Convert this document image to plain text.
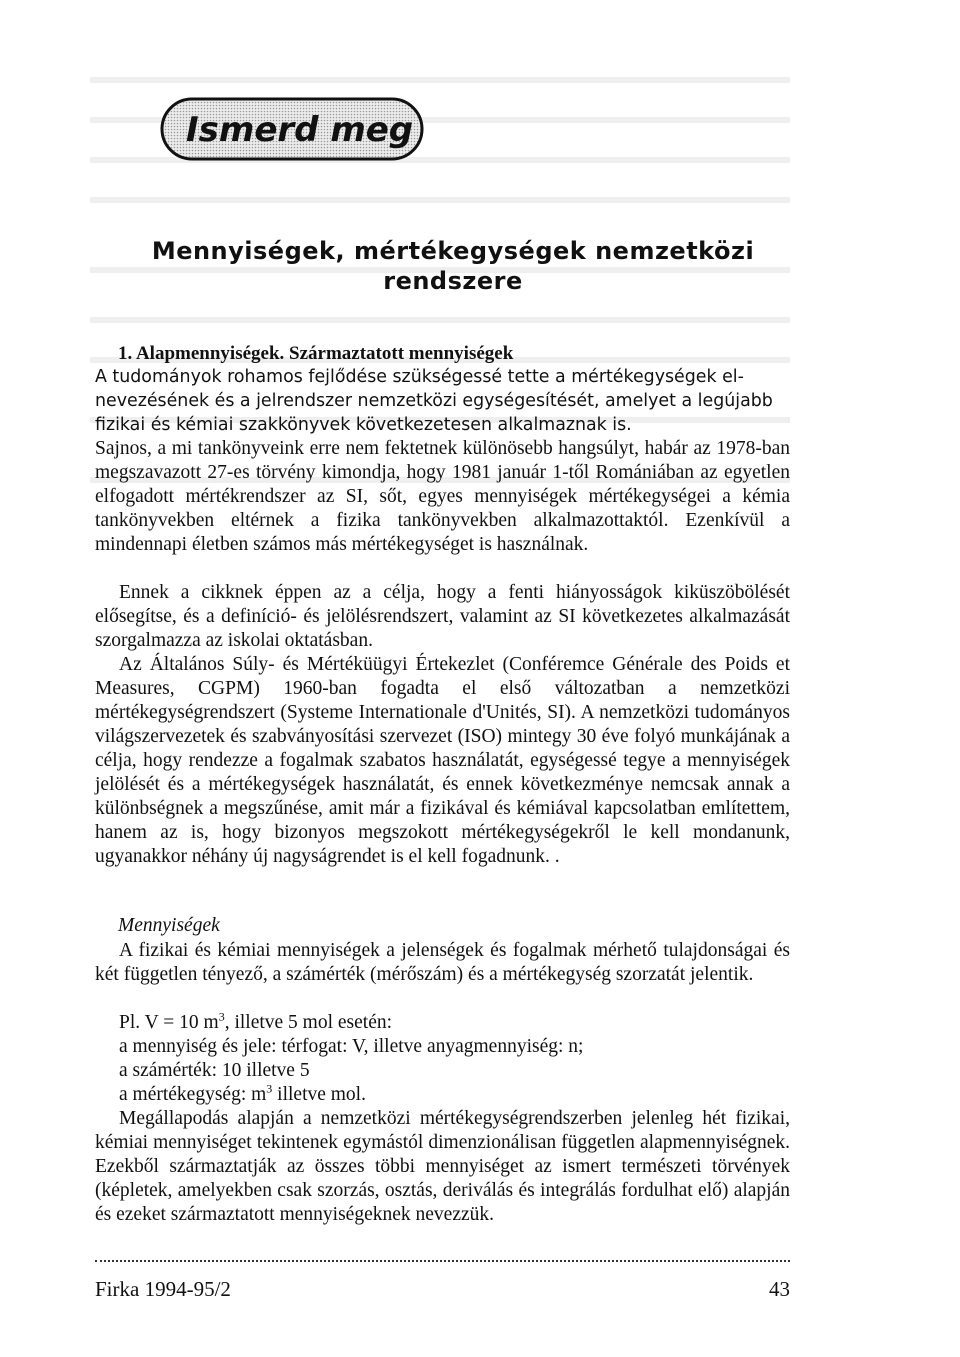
Ismerd meg
Mennyiségek, mértékegységek nemzetközi
rendszere
1. Alapmennyiségek. Származtatott mennyiségek
A tudományok rohamos fejlődése szükségessé tette a mértékegységek el-
nevezésének és a jelrendszer nemzetközi egységesítését, amelyet a legújabb
fizikai és kémiai szakkönyvek következetesen alkalmaznak is.

Sajnos, a mi tankönyveink erre nem fektetnek különösebb hangsúlyt, habár az 1978-ban megszavazott 27-es törvény kimondja, hogy 1981 január 1-től Romániában az egyetlen elfogadott mértékrendszer az SI, sőt, egyes mennyiségek mértékegységei a kémia tankönyvekben eltérnek a fizika tankönyvekben alkalmazottaktól. Ezenkívül a mindennapi életben számos más mértékegységet is használnak.

Ennek a cikknek éppen az a célja, hogy a fenti hiányosságok kiküszöbölését elősegítse, és a definíció- és jelölésrendszert, valamint az SI következetes alkalmazását szorgalmazza az iskolai oktatásban.

Az Általános Súly- és Mértéküügyi Értekezlet (Conféremce Générale des Poids et Measures, CGPM) 1960-ban fogadta el első változatban a nemzetközi mértékegységrendszert (Systeme Internationale d'Unités, SI). A nemzetközi tudományos világszervezetek és szabványosítási szervezet (ISO) mintegy 30 éve folyó munkájának a célja, hogy rendezze a fogalmak szabatos használatát, egységessé tegye a mennyiségek jelölését és a mértékegységek használatát, és ennek következménye nemcsak annak a különbségnek a megszűnése, amit már a fizikával és kémiával kapcsolatban említettem, hanem az is, hogy bizonyos megszokott mértékegységekről le kell mondanunk, ugyanakkor néhány új nagyságrendet is el kell fogadnunk. .

Mennyiségek

A fizikai és kémiai mennyiségek a jelenségek és fogalmak mérhető tulajdonságai és két független tényező, a számérték (mérőszám) és a mértékegység szorzatát jelentik.

Pl. V = 10 $m^3$, illetve 5 mol esetén:
a mennyiség és jele: térfogat: V, illetve anyagmennyiség: n;
a számérték: 10 illetve 5
a mértékegység: $m^3$ illetve mol.

Megállapodás alapján a nemzetközi mértékegységrendszerben jelenleg hét fizikai, kémiai mennyiséget tekintenek egymástól dimenzionálisan független alapmennyiségnek. Ezekből származtatják az összes többi mennyiséget az ismert természeti törvények (képletek, amelyekben csak szorzás, osztás, deriválás és integrálás fordulhat elő) alapján és ezeket származtatott mennyiségeknek nevezzük.

Firka 1994-95/2	43
